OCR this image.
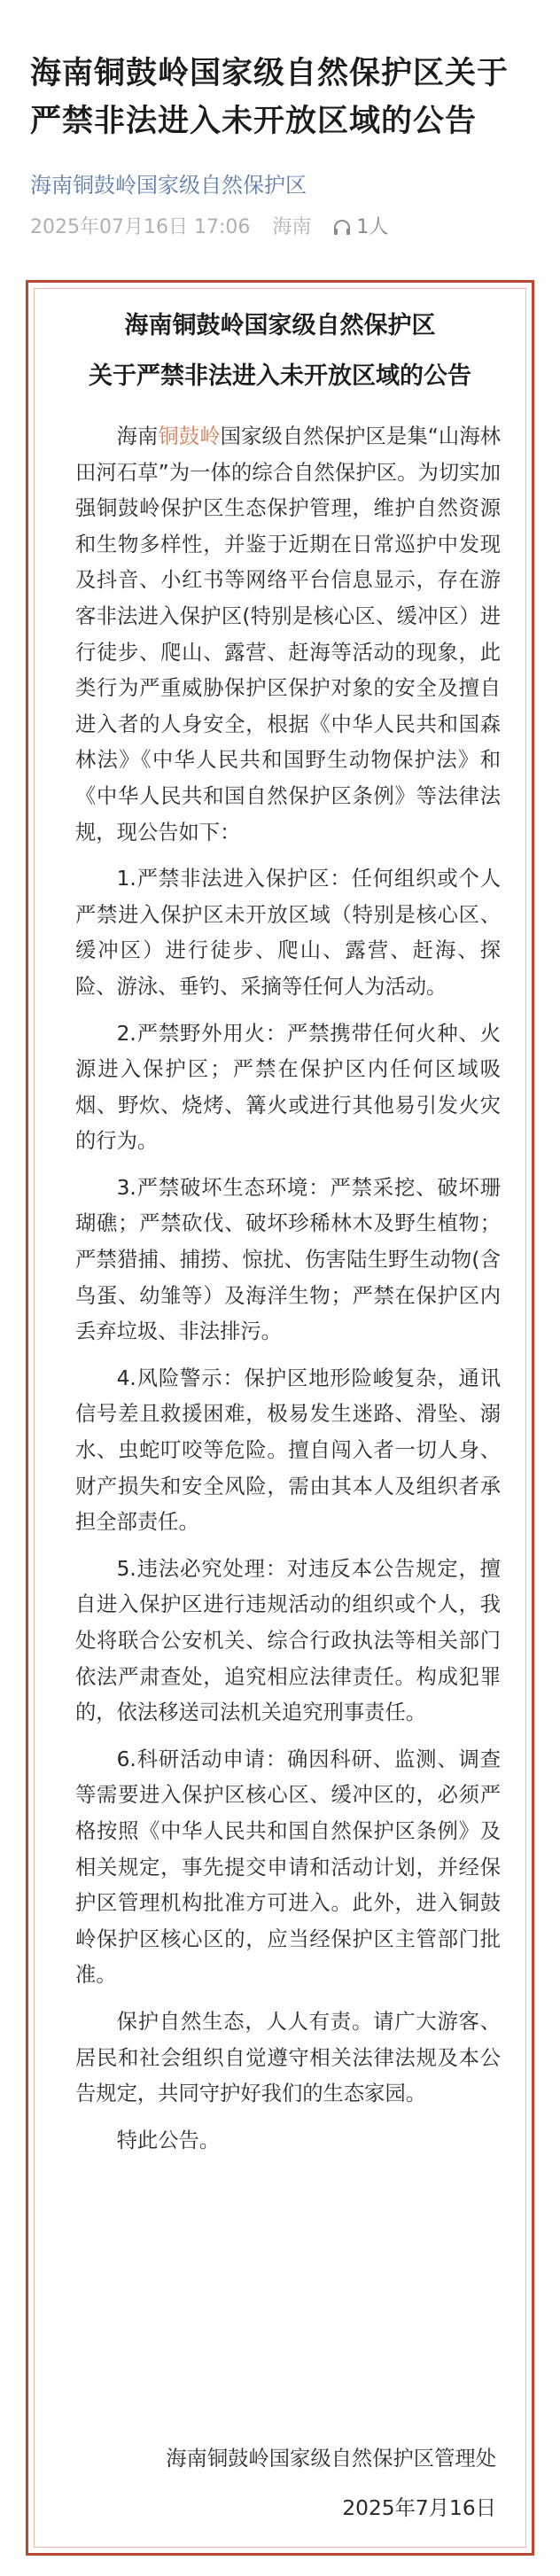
海南铜鼓岭国家级自然保护区关于
严禁非法进入未开放区域的公告
海南铜鼓岭国家级自然保护区
2025年07月16日 17:06 海南 1人
海南铜鼓岭国家级自然保护区
关于严禁非法进入未开放区域的公告

海南铜鼓岭国家级自然保护区是集“山海林田河石草”为一体的综合自然保护区。为切实加强铜鼓岭保护区生态保护管理，维护自然资源和生物多样性，并鉴于近期在日常巡护中发现及抖音、小红书等网络平台信息显示，存在游客非法进入保护区(特别是核心区、缓冲区）进行徒步、爬山、露营、赶海等活动的现象，此类行为严重威胁保护区保护对象的安全及擅自进入者的人身安全，根据《中华人民共和国森林法》《中华人民共和国野生动物保护法》和《中华人民共和国自然保护区条例》等法律法规，现公告如下：

1.严禁非法进入保护区：任何组织或个人严禁进入保护区未开放区域（特别是核心区、缓冲区）进行徒步、爬山、露营、赶海、探险、游泳、垂钓、采摘等任何人为活动。

2.严禁野外用火：严禁携带任何火种、火源进入保护区；严禁在保护区内任何区域吸烟、野炊、烧烤、篝火或进行其他易引发火灾的行为。

3.严禁破坏生态环境：严禁采挖、破坏珊瑚礁；严禁砍伐、破坏珍稀林木及野生植物；严禁猎捕、捕捞、惊扰、伤害陆生野生动物(含鸟蛋、幼雏等）及海洋生物；严禁在保护区内丢弃垃圾、非法排污。

4.风险警示：保护区地形险峻复杂，通讯信号差且救援困难，极易发生迷路、滑坠、溺水、虫蛇叮咬等危险。擅自闯入者一切人身、财产损失和安全风险，需由其本人及组织者承担全部责任。

5.违法必究处理：对违反本公告规定，擅自进入保护区进行违规活动的组织或个人，我处将联合公安机关、综合行政执法等相关部门依法严肃查处，追究相应法律责任。构成犯罪的，依法移送司法机关追究刑事责任。

6.科研活动申请：确因科研、监测、调查等需要进入保护区核心区、缓冲区的，必须严格按照《中华人民共和国自然保护区条例》及相关规定，事先提交申请和活动计划，并经保护区管理机构批准方可进入。此外，进入铜鼓岭保护区核心区的，应当经保护区主管部门批准。

保护自然生态，人人有责。请广大游客、居民和社会组织自觉遵守相关法律法规及本公告规定，共同守护好我们的生态家园。

特此公告。

海南铜鼓岭国家级自然保护区管理处
2025年7月16日
